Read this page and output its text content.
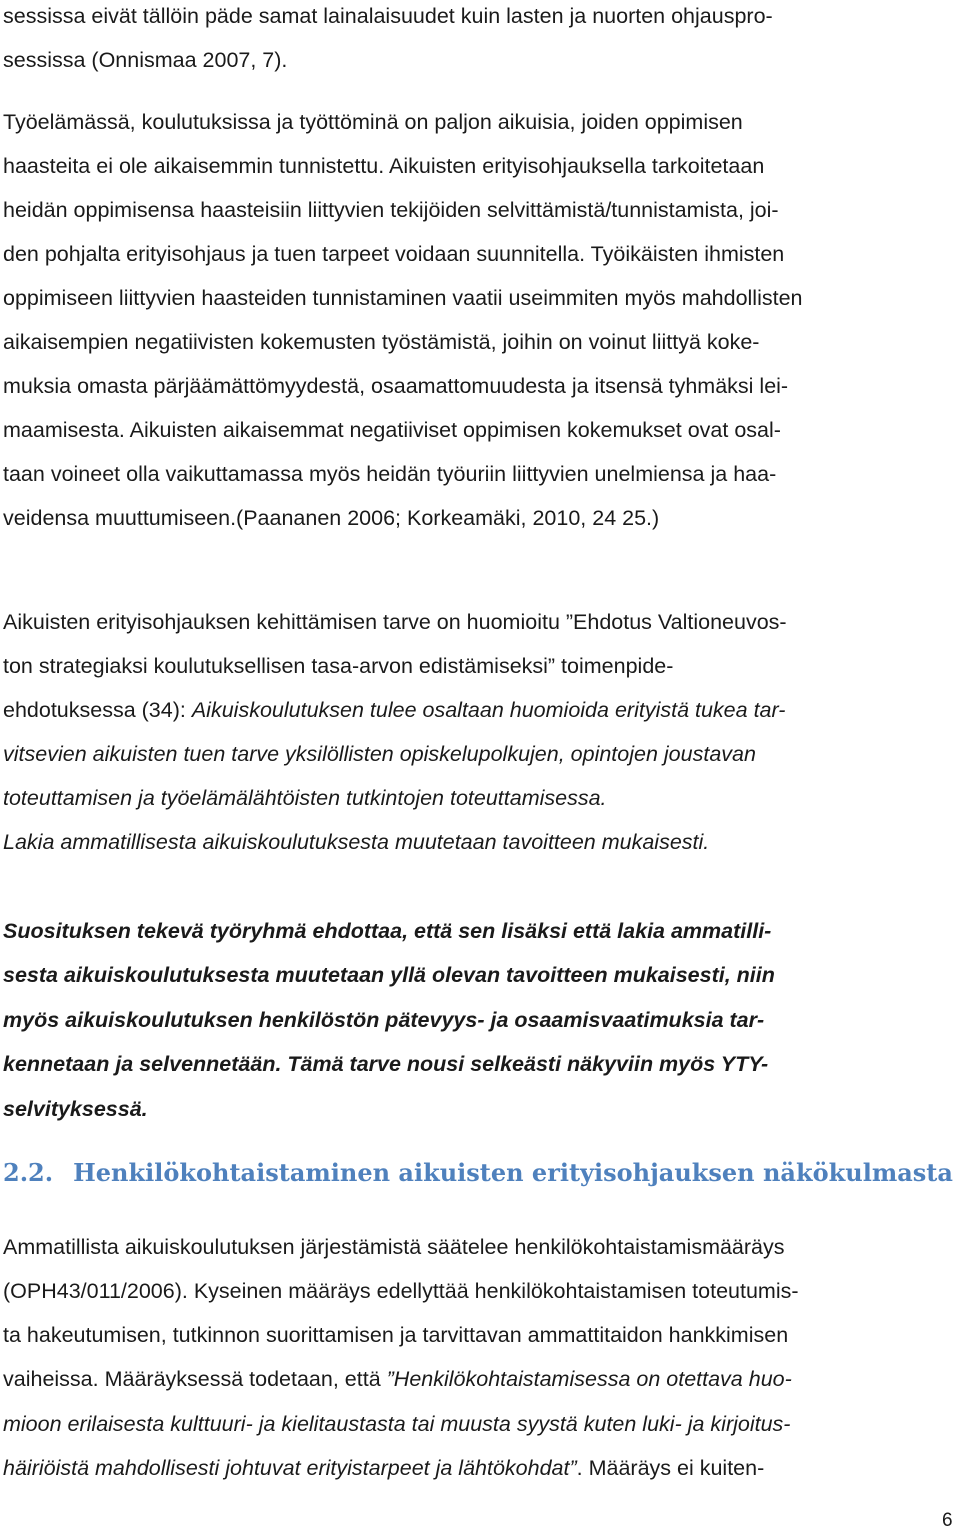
sessissa eivät tällöin päde samat lainalaisuudet kuin lasten ja nuorten ohjauspro-
sessissa (Onnismaa 2007, 7).
Työelämässä, koulutuksissa ja työttöminä on paljon aikuisia, joiden oppimisen
haasteita ei ole aikaisemmin tunnistettu. Aikuisten erityisohjauksella tarkoitetaan
heidän oppimisensa haasteisiin liittyvien tekijöiden selvittämistä/tunnistamista, joi-
den pohjalta erityisohjaus ja tuen tarpeet voidaan suunnitella. Työikäisten ihmisten
oppimiseen liittyvien haasteiden tunnistaminen vaatii useimmiten myös mahdollisten
aikaisempien negatiivisten kokemusten työstämistä, joihin on voinut liittyä koke-
muksia omasta pärjäämättömyydestä, osaamattomuudesta ja itsensä tyhmäksi lei-
maamisesta. Aikuisten aikaisemmat negatiiviset oppimisen kokemukset ovat osal-
taan voineet olla vaikuttamassa myös heidän työuriin liittyvien unelmiensa ja haa-
veidensa muuttumiseen.(Paananen 2006; Korkeamäki, 2010, 24 25.)
Aikuisten erityisohjauksen kehittämisen tarve on huomioitu ”Ehdotus Valtioneuvos-
ton strategiaksi koulutuksellisen tasa-arvon edistämiseksi” toimenpide-
ehdotuksessa (34): Aikuiskoulutuksen tulee osaltaan huomioida erityistä tukea tar-
vitsevien aikuisten tuen tarve yksilöllisten opiskelupolkujen, opintojen joustavan
toteuttamisen ja työelämälähtöisten tutkintojen toteuttamisessa.
Lakia ammatillisesta aikuiskoulutuksesta muutetaan tavoitteen mukaisesti.
Suosituksen tekevä työryhmä ehdottaa, että sen lisäksi että lakia ammatilli-
sesta aikuiskoulutuksesta muutetaan yllä olevan tavoitteen mukaisesti, niin
myös aikuiskoulutuksen henkilöstön pätevyys- ja osaamisvaatimuksia tar-
kennetaan ja selvennetään. Tämä tarve nousi selkeästi näkyviin myös YTY-
selvityksessä.
2.2. Henkilökohtaistaminen aikuisten erityisohjauksen näkökulmasta
Ammatillista aikuiskoulutuksen järjestämistä säätelee henkilökohtaistamismääräys
(OPH43/011/2006). Kyseinen määräys edellyttää henkilökohtaistamisen toteutumis-
ta hakeutumisen, tutkinnon suorittamisen ja tarvittavan ammattitaidon hankkimisen
vaiheissa. Määräyksessä todetaan, että ”Henkilökohtaistamisessa on otettava huo-
mioon erilaisesta kulttuuri- ja kielitaustasta tai muusta syystä kuten luki- ja kirjoitus-
häiriöistä mahdollisesti johtuvat erityistarpeet ja lähtökohdat”. Määräys ei kuiten-
6
